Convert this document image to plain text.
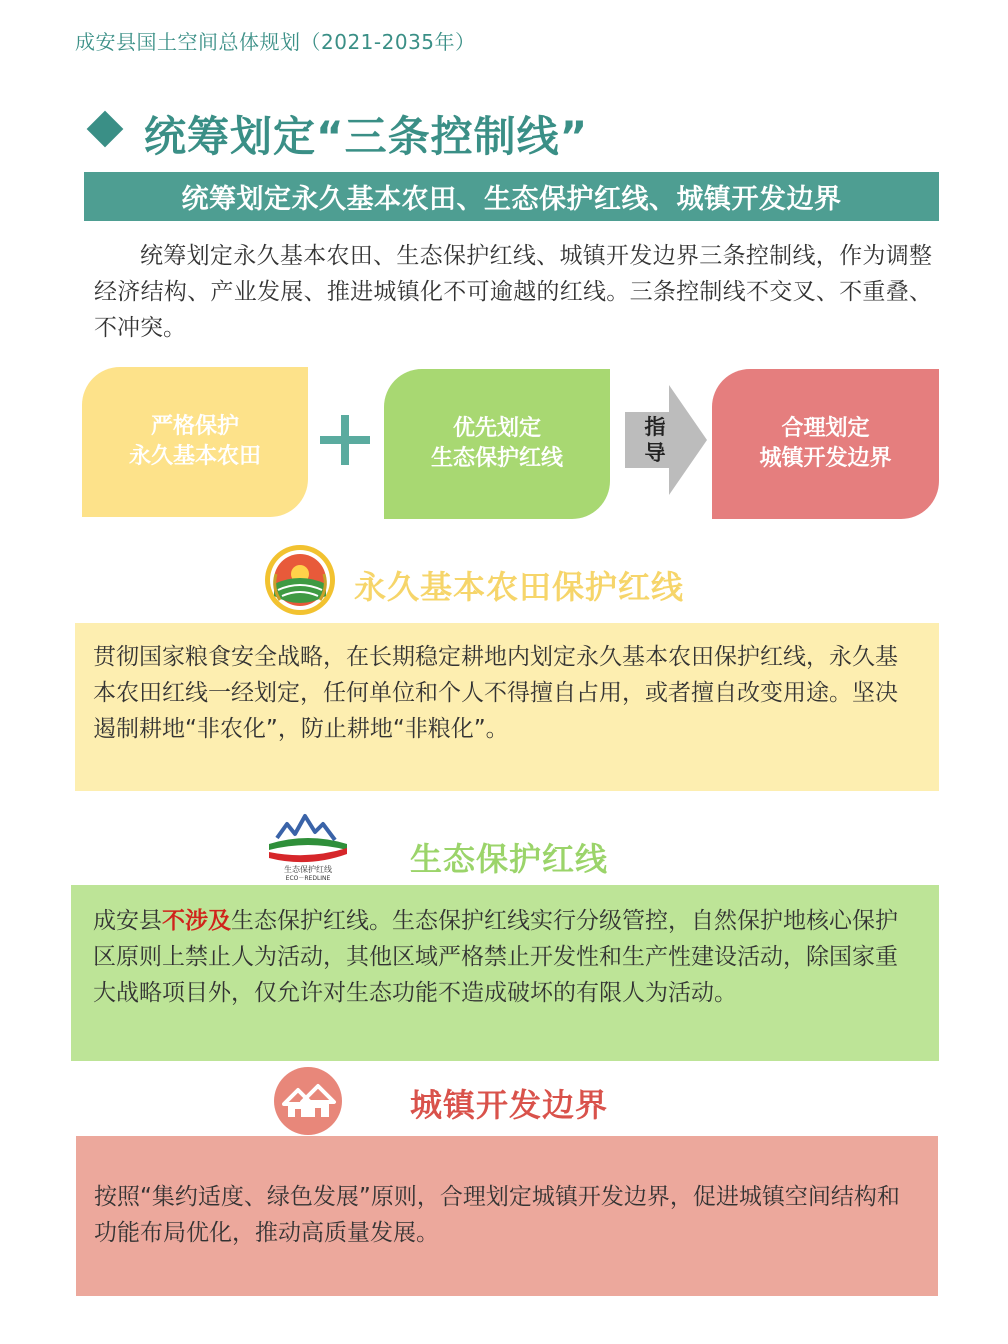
成安县国土空间总体规划（2021-2035年）
统筹划定“三条控制线”
统筹划定永久基本农田、生态保护红线、城镇开发边界
统筹划定永久基本农田、生态保护红线、城镇开发边界三条控制线，作为调整经济结构、产业发展、推进城镇化不可逾越的红线。三条控制线不交叉、不重叠、不冲突。
严格保护
永久基本农田
优先划定
生态保护红线
指
导
合理划定
城镇开发边界
永久基本农田保护红线
贯彻国家粮食安全战略，在长期稳定耕地内划定永久基本农田保护红线，永久基本农田红线一经划定，任何单位和个人不得擅自占用，或者擅自改变用途。坚决遏制耕地“非农化”，防止耕地“非粮化”。
生态保护红线
ECO－REDLINE
生态保护红线
成安县不涉及生态保护红线。生态保护红线实行分级管控，自然保护地核心保护区原则上禁止人为活动，其他区域严格禁止开发性和生产性建设活动，除国家重大战略项目外，仅允许对生态功能不造成破坏的有限人为活动。
城镇开发边界
按照“集约适度、绿色发展”原则，合理划定城镇开发边界，促进城镇空间结构和功能布局优化，推动高质量发展。
